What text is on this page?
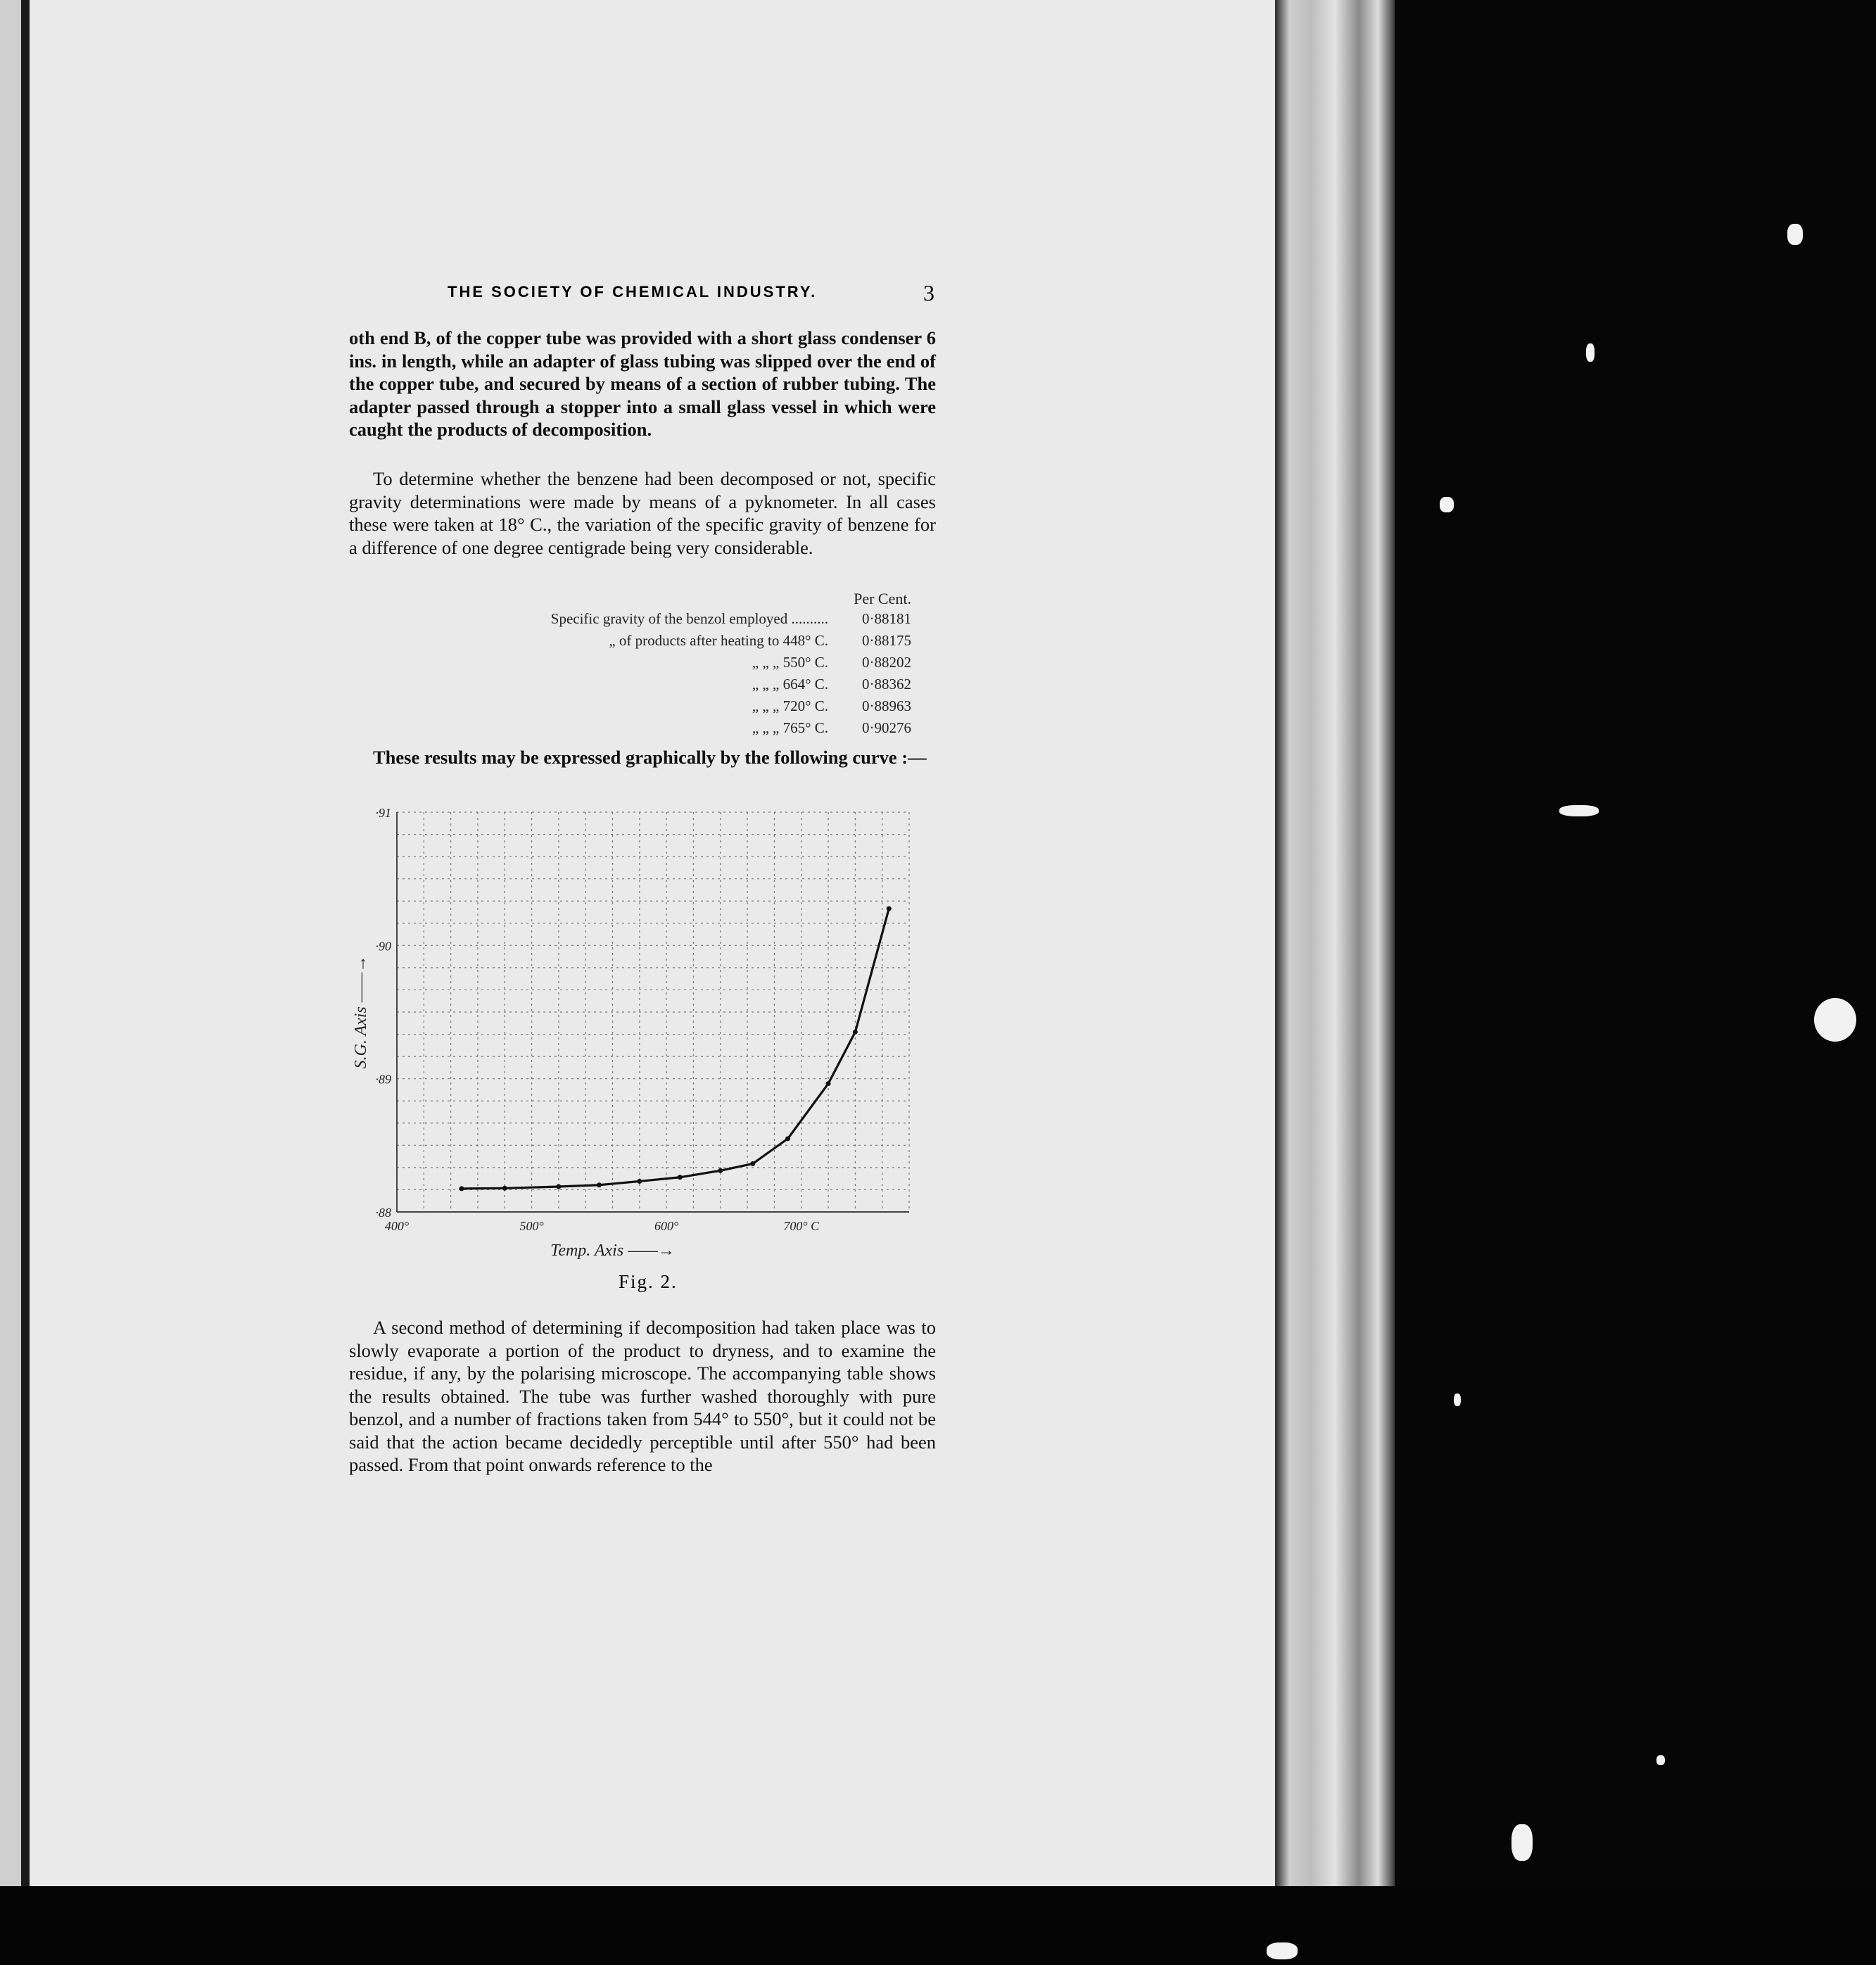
THE SOCIETY OF CHEMICAL INDUSTRY.	3

oth end B, of the copper tube was provided with a short glass condenser 6 ins. in length, while an adapter of glass tubing was slipped over the end of the copper tube, and secured by means of a section of rubber tubing. The adapter passed through a stopper into a small glass vessel in which were caught the products of decomposition.

To determine whether the benzene had been decomposed or not, specific gravity determinations were made by means of a pyknometer. In all cases these were taken at 18° C., the variation of the specific gravity of benzene for a difference of one degree centigrade being very considerable.

Per Cent.
Specific gravity of the benzol employed ..........	0·88181
„ of products after heating to 448° C.	0·88175
„ „ „ 550° C.	0·88202
„ „ „ 664° C.	0·88362
„ „ „ 720° C.	0·88963
„ „ „ 765° C.	0·90276

These results may be expressed graphically by the following curve :—

·88
·89
·90
·91
400°	500°	600°	700° C
Temp. Axis ——→
S.G. Axis ——→
Fig. 2.

A second method of determining if decomposition had taken place was to slowly evaporate a portion of the product to dryness, and to examine the residue, if any, by the polarising microscope. The accompanying table shows the results obtained. The tube was further washed thoroughly with pure benzol, and a number of fractions taken from 544° to 550°, but it could not be said that the action became decidedly perceptible until after 550° had been passed. From that point onwards reference to the
